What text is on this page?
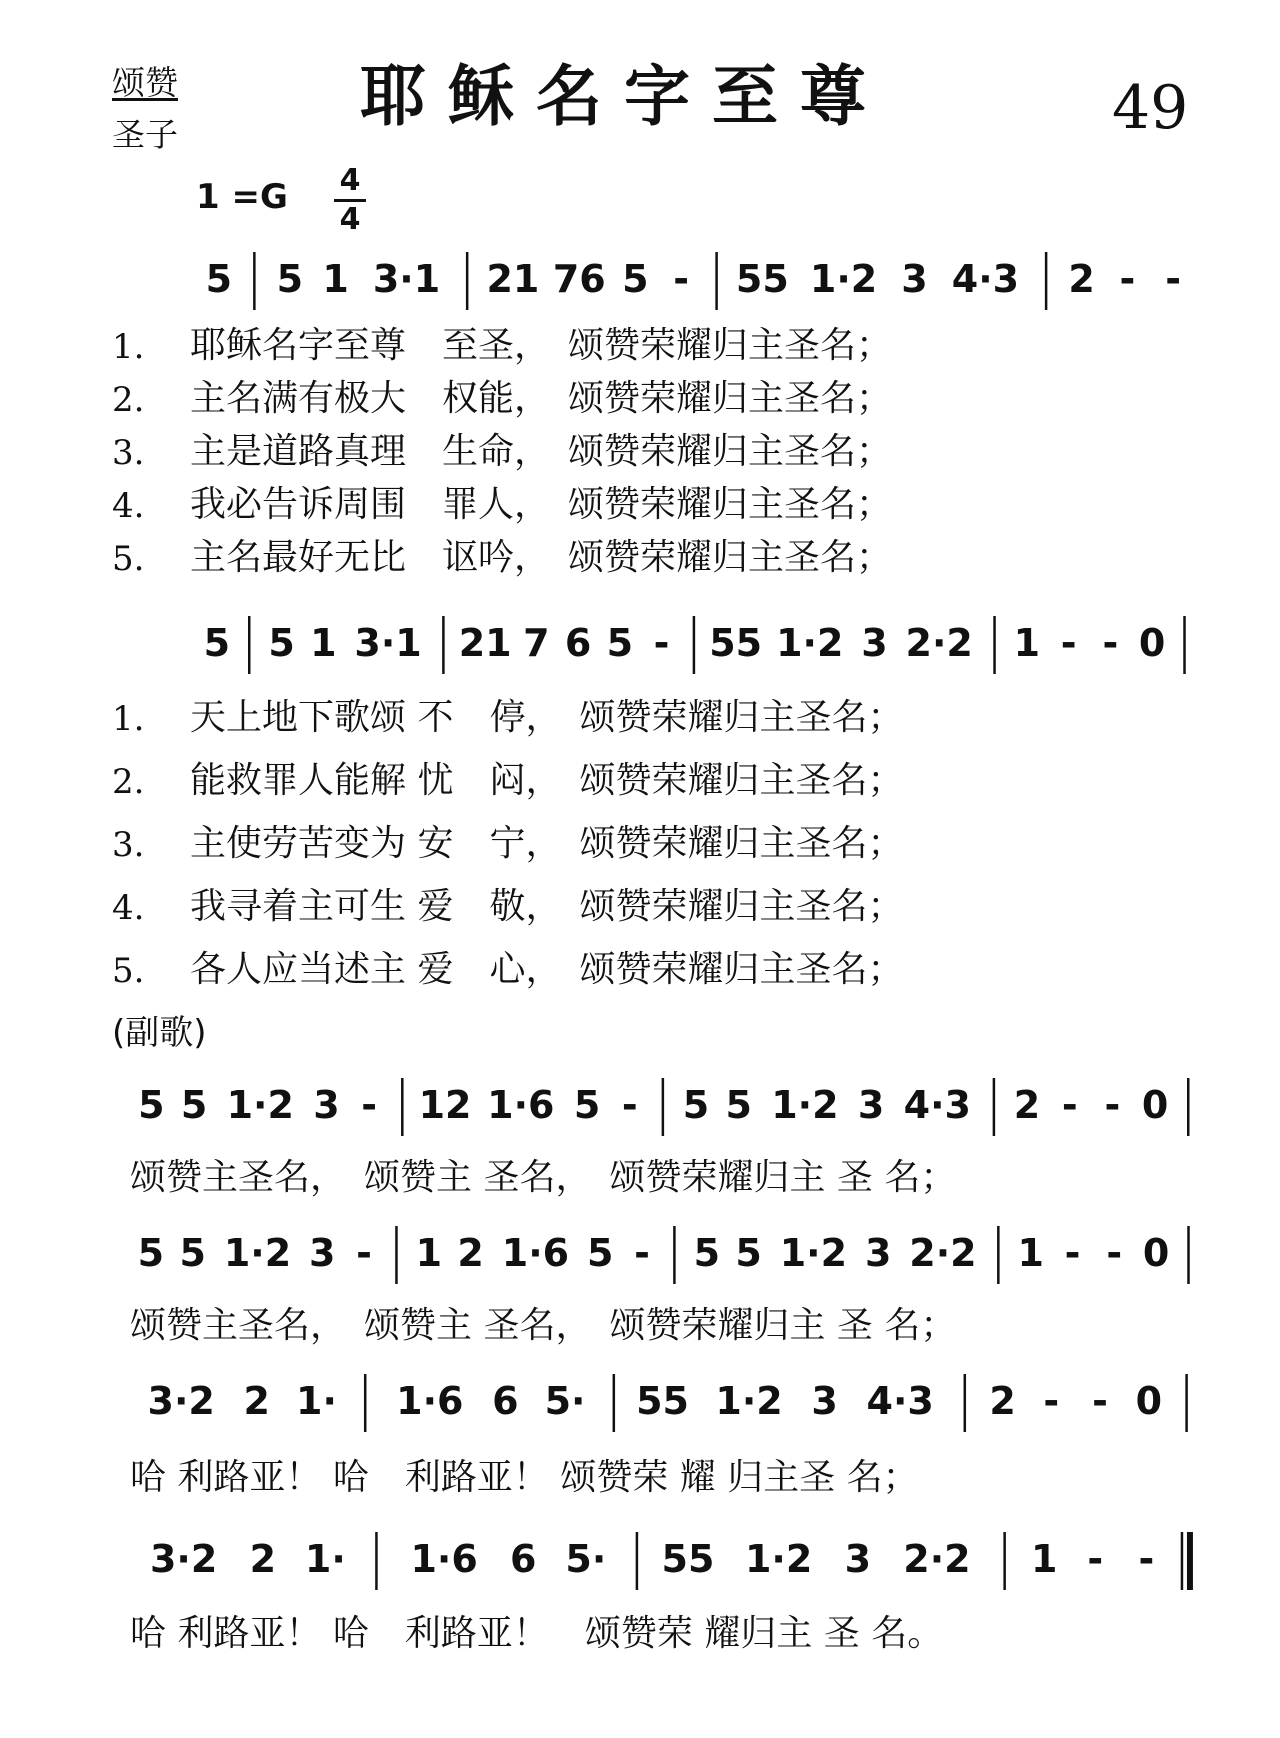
颂赞
圣子	耶稣名字至尊	49
1 =G 4
4
5 5 1 3·1 21 76 5 - 55 1·2 3 4·3 2 - -
5 5 1 3·1 21 7 6 5 - 55 1·2 3 2·2 1 - - 0
5 5 1·2 3 - 12 1·6 5 - 5 5 1·2 3 4·3 2 - - 0
5 5 1·2 3 - 1 2 1·6 5 - 5 5 1·2 3 2·2 1 - - 0
3·2 2 1· 1·6 6 5· 55 1·2 3 4·3 2 - - 0
3·2 2 1· 1·6 6 5· 55 1·2 3 2·2 1 - -
1.
2.
3.
4.
5.
耶稣名字至尊　至圣，　颂赞荣耀归主圣名；
主名满有极大　权能，　颂赞荣耀归主圣名；
主是道路真理　生命，　颂赞荣耀归主圣名；
我必告诉周围　罪人，　颂赞荣耀归主圣名；
主名最好无比　讴吟，　颂赞荣耀归主圣名；
1.
2.
3.
4.
5.
天上地下歌颂 不　停，　颂赞荣耀归主圣名；
能救罪人能解 忧　闷，　颂赞荣耀归主圣名；
主使劳苦变为 安　宁，　颂赞荣耀归主圣名；
我寻着主可生 爱　敬，　颂赞荣耀归主圣名；
各人应当述主 爱　心，　颂赞荣耀归主圣名；
(副歌)
颂赞主圣名，　颂赞主 圣名，　颂赞荣耀归主 圣 名；
颂赞主圣名，　颂赞主 圣名，　颂赞荣耀归主 圣 名；
哈 利路亚！ 哈　利路亚！ 颂赞荣 耀 归主圣 名；
哈 利路亚！ 哈　利路亚！　颂赞荣 耀归主 圣 名。
